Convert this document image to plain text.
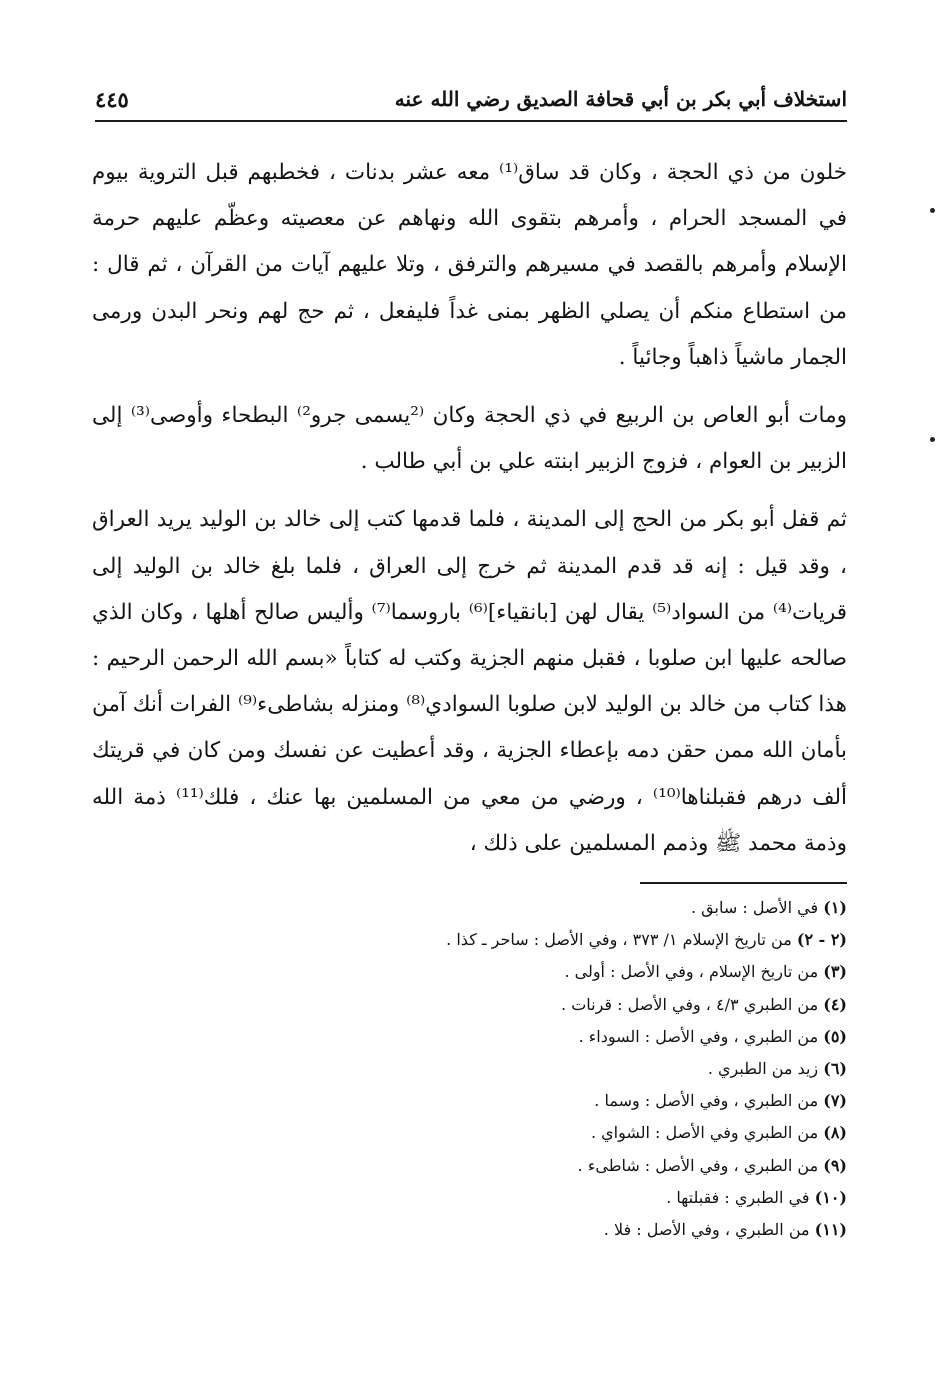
استخلاف أبي بكر بن أبي قحافة الصديق رضي الله عنه
٤٤٥

خلون من ذي الحجة ، وكان قد ساق⁽¹⁾ معه عشر بدنات ، فخطبهم قبل التروية بيوم في المسجد الحرام ، وأمرهم بتقوى الله ونهاهم عن معصيته وعظّم عليهم حرمة الإسلام وأمرهم بالقصد في مسيرهم والترفق ، وتلا عليهم آيات من القرآن ، ثم قال : من استطاع منكم أن يصلي الظهر بمنى غداً فليفعل ، ثم حج لهم ونحر البدن ورمى الجمار ماشياً ذاهباً وجائياً .

ومات أبو العاص بن الربيع في ذي الحجة وكان ⁽²يسمى جرو²⁾ البطحاء وأوصى⁽³⁾ إلى الزبير بن العوام ، فزوج الزبير ابنته علي بن أبي طالب .

ثم قفل أبو بكر من الحج إلى المدينة ، فلما قدمها كتب إلى خالد بن الوليد يريد العراق ، وقد قيل : إنه قد قدم المدينة ثم خرج إلى العراق ، فلما بلغ خالد بن الوليد إلى قريات⁽⁴⁾ من السواد⁽⁵⁾ يقال لهن [بانقياء]⁽⁶⁾ باروسما⁽⁷⁾ وأليس صالح أهلها ، وكان الذي صالحه عليها ابن صلوبا ، فقبل منهم الجزية وكتب له كتاباً «بسم الله الرحمن الرحيم : هذا كتاب من خالد بن الوليد لابن صلوبا السوادي⁽⁸⁾ ومنزله بشاطىء⁽⁹⁾ الفرات أنك آمن بأمان الله ممن حقن دمه بإعطاء الجزية ، وقد أعطيت عن نفسك ومن كان في قريتك ألف درهم فقبلناها⁽¹⁰⁾ ، ورضي من معي من المسلمين بها عنك ، فلك⁽¹¹⁾ ذمة الله وذمة محمد ﷺ وذمم المسلمين على ذلك ،

(١) في الأصل : سابق .
(٢ - ٢) من تاريخ الإسلام ١/ ٣٧٣ ، وفي الأصل : ساحر ـ كذا .
(٣) من تاريخ الإسلام ، وفي الأصل : أولى .
(٤) من الطبري ٤/٣ ، وفي الأصل : قرنات .
(٥) من الطبري ، وفي الأصل : السوداء .
(٦) زيد من الطبري .
(٧) من الطبري ، وفي الأصل : وسما .
(٨) من الطبري وفي الأصل : الشواي .
(٩) من الطبري ، وفي الأصل : شاطىء .
(١٠) في الطبري : فقبلتها .
(١١) من الطبري ، وفي الأصل : فلا .
